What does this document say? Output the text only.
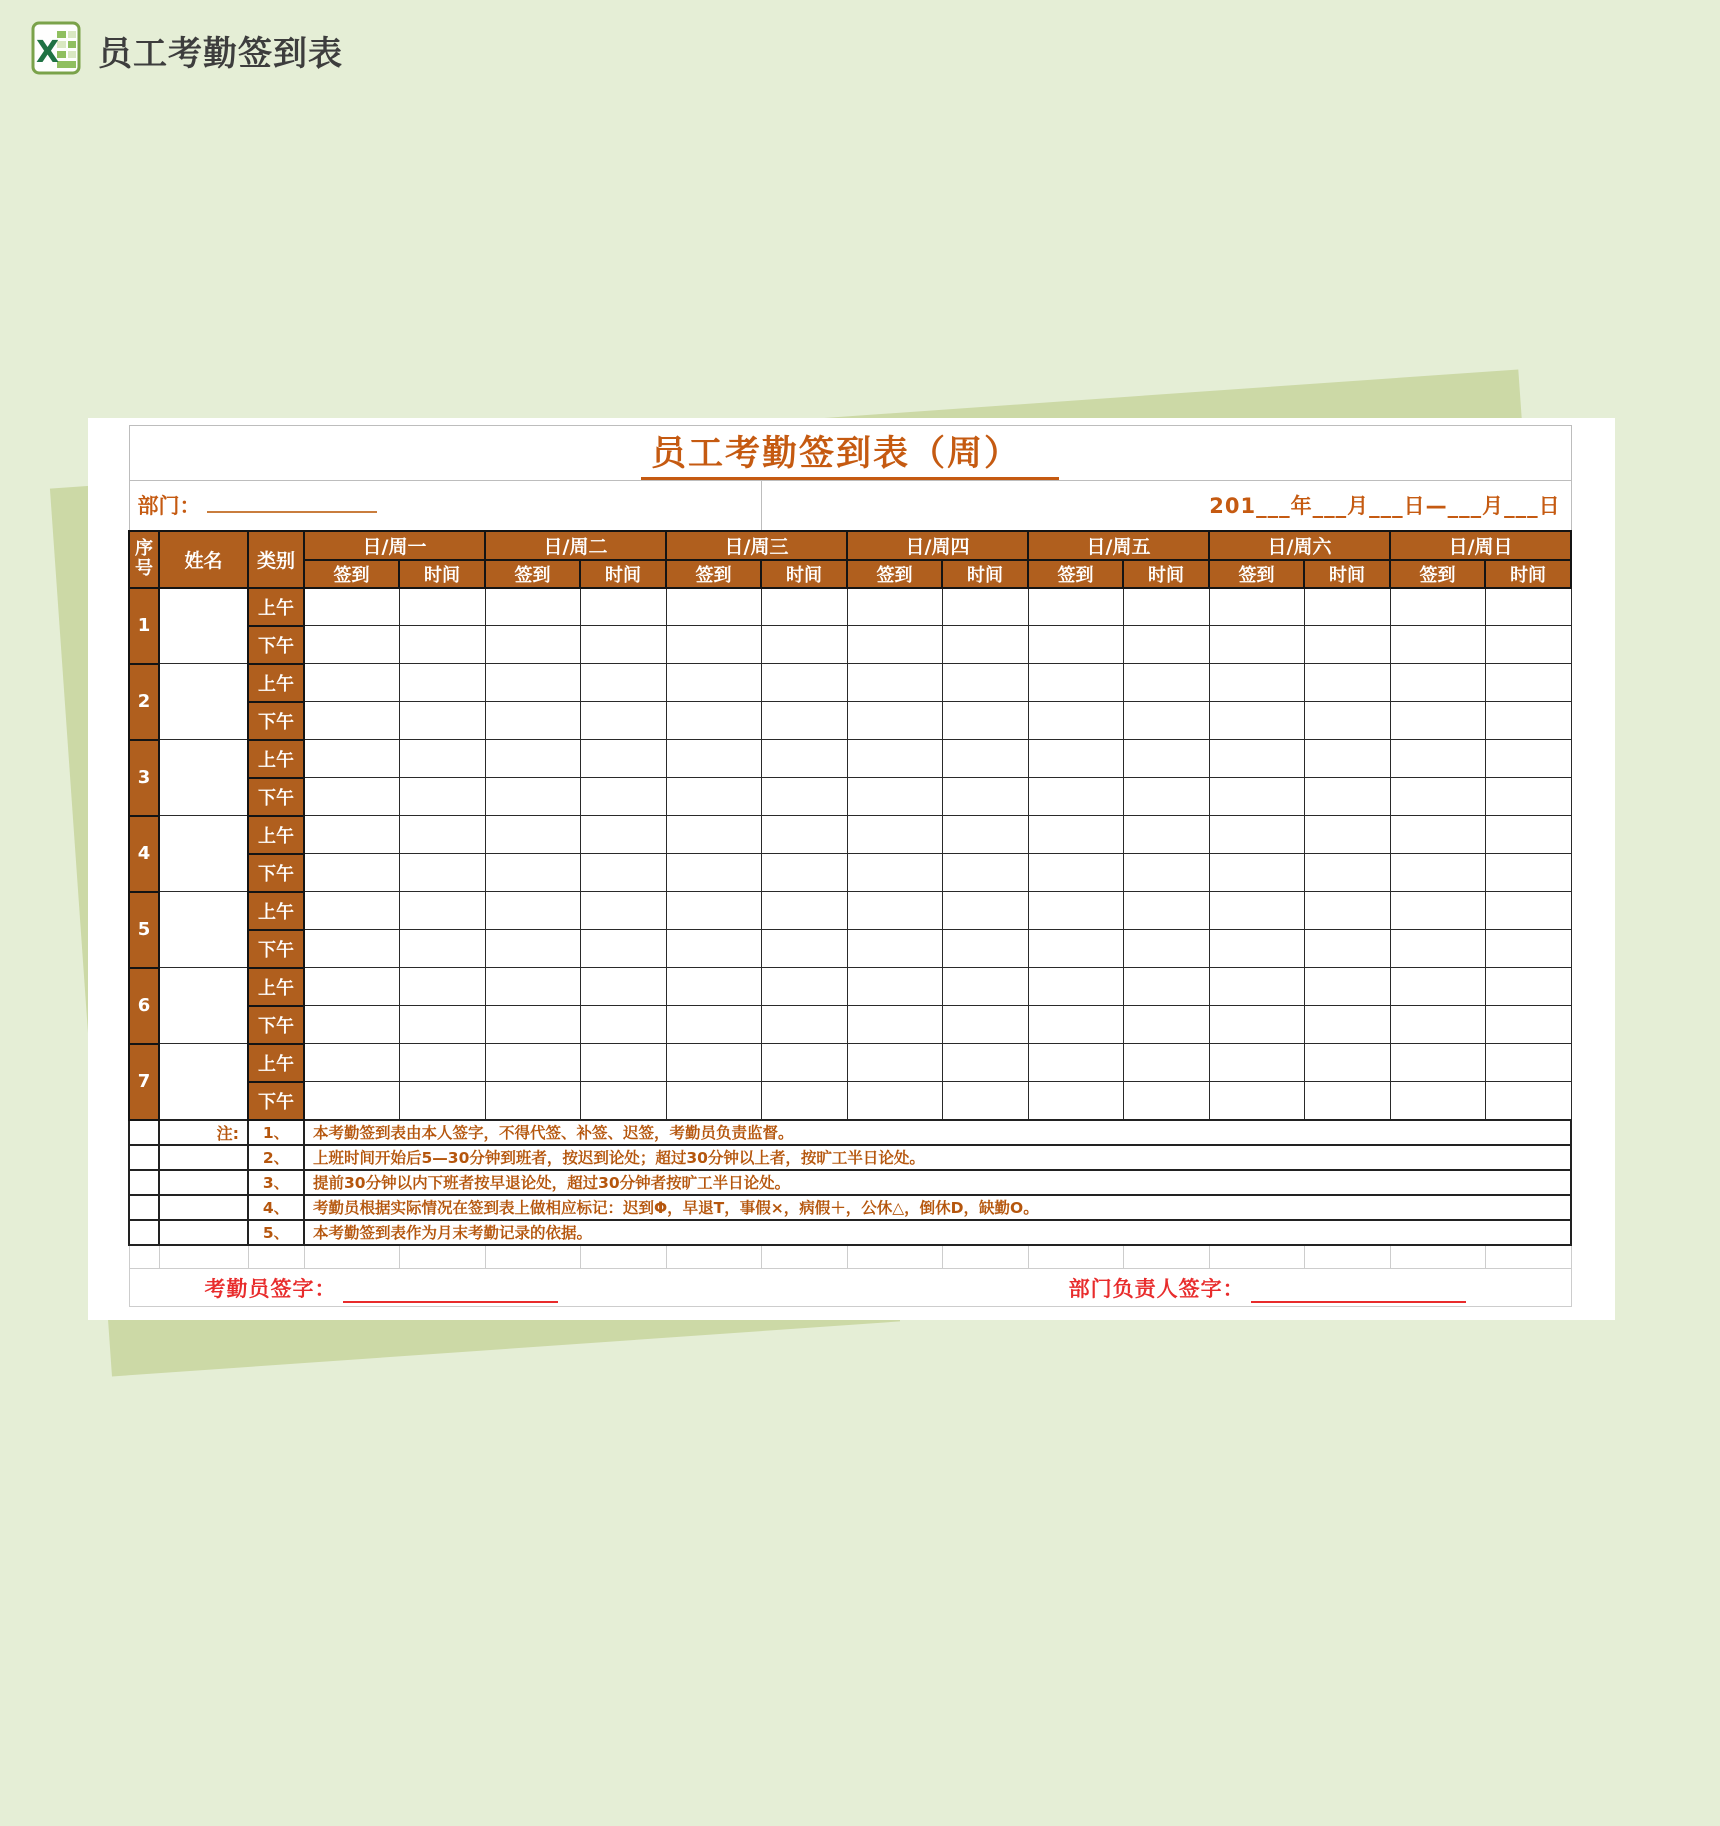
X 员工考勤签到表
员工考勤签到表（周）																
部门：								201___年___月___日—___月___日								
序号	姓名	类别	日/周一		日/周二		日/周三		日/周四		日/周五		日/周六		日/周日	
			签到	时间	签到	时间	签到	时间	签到	时间	签到	时间	签到	时间	签到	时间
1		上午														
		下午														
2		上午														
		下午														
3		上午														
		下午														
4		上午														
		下午														
5		上午														
		下午														
6		上午														
		下午														
7		上午														
		下午														
	注:	1、	本考勤签到表由本人签字，不得代签、补签、迟签，考勤员负责监督。													
		2、	上班时间开始后5—30分钟到班者，按迟到论处；超过30分钟以上者，按旷工半日论处。													
		3、	提前30分钟以内下班者按早退论处，超过30分钟者按旷工半日论处。													
		4、	考勤员根据实际情况在签到表上做相应标记：迟到Φ，早退T，事假×，病假＋，公休△，倒休D，缺勤O。													
		5、	本考勤签到表作为月末考勤记录的依据。													

考勤员签字： 部门负责人签字：																
